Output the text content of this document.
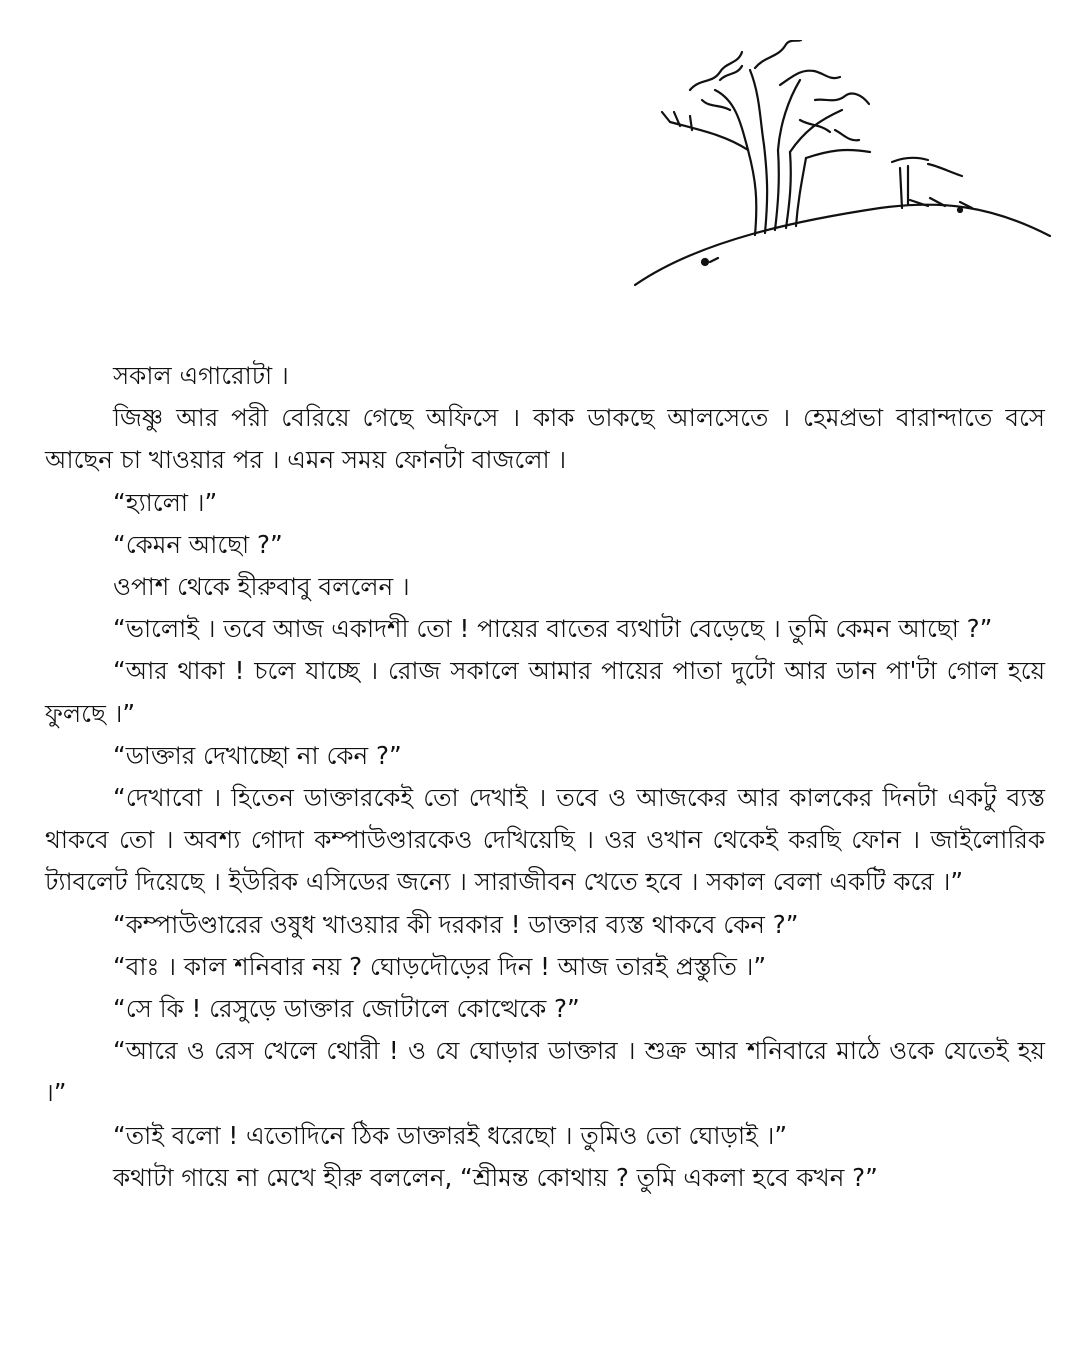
সকাল এগারোটা ।

জিষ্ণু আর পরী বেরিয়ে গেছে অফিসে । কাক ডাকছে আলসেতে । হেমপ্রভা বারান্দাতে বসে আছেন চা খাওয়ার পর । এমন সময় ফোনটা বাজলো ।

“হ্যালো ।”

“কেমন আছো ?”

ওপাশ থেকে হীরুবাবু বললেন ।

“ভালোই । তবে আজ একাদশী তো ! পায়ের বাতের ব্যথাটা বেড়েছে । তুমি কেমন আছো ?”

“আর থাকা ! চলে যাচ্ছে । রোজ সকালে আমার পায়ের পাতা দুটো আর ডান পা'টা গোল হয়ে ফুলছে ।”

“ডাক্তার দেখাচ্ছো না কেন ?”

“দেখাবো । হিতেন ডাক্তারকেই তো দেখাই । তবে ও আজকের আর কালকের দিনটা একটু ব্যস্ত থাকবে তো । অবশ্য গোদা কম্পাউণ্ডারকেও দেখিয়েছি । ওর ওখান থেকেই করছি ফোন । জাইলোরিক ট্যাবলেট দিয়েছে । ইউরিক এসিডের জন্যে । সারাজীবন খেতে হবে । সকাল বেলা একটি করে ।”

“কম্পাউণ্ডারের ওষুধ খাওয়ার কী দরকার ! ডাক্তার ব্যস্ত থাকবে কেন ?”

“বাঃ । কাল শনিবার নয় ? ঘোড়দৌড়ের দিন ! আজ তারই প্রস্তুতি ।”

“সে কি ! রেসুড়ে ডাক্তার জোটালে কোত্থেকে ?”

“আরে ও রেস খেলে থোরী ! ও যে ঘোড়ার ডাক্তার । শুক্র আর শনিবারে মাঠে ওকে যেতেই হয় ।”

“তাই বলো ! এতোদিনে ঠিক ডাক্তারই ধরেছো । তুমিও তো ঘোড়াই ।”

কথাটা গায়ে না মেখে হীরু বললেন, “শ্রীমন্ত কোথায় ? তুমি একলা হবে কখন ?”
